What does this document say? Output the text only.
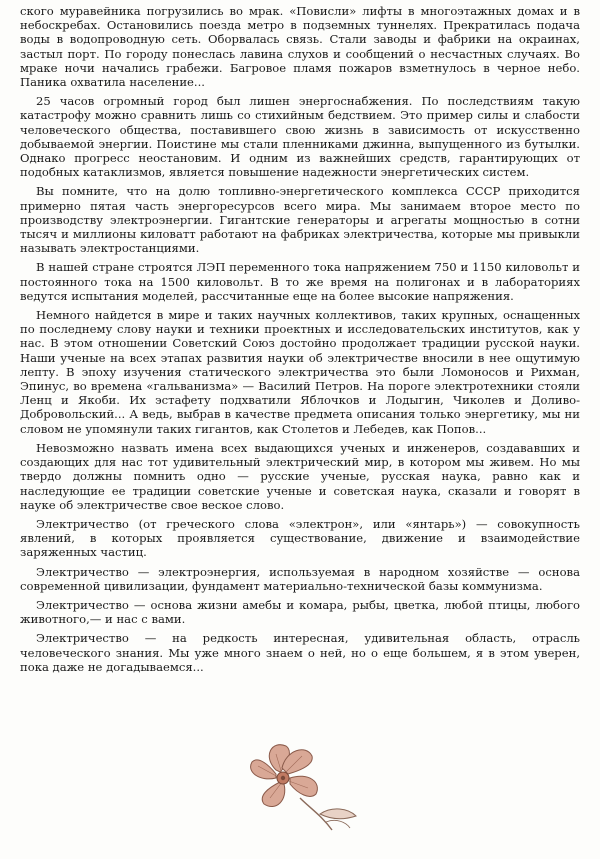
ского муравейника погрузились во мрак. «Повисли» лифты в многоэтажных домах и в небоскребах. Остановились поезда метро в подземных туннелях. Прекратилась подача воды в водопроводную сеть. Оборвалась связь. Стали заводы и фабрики на окраинах, застыл порт. По городу понеслась лавина слухов и сообщений о несчастных случаях. Во мраке ночи начались грабежи. Багровое пламя пожаров взметнулось в черное небо. Паника охватила население...

25 часов огромный город был лишен энергоснабжения. По последствиям такую катастрофу можно сравнить лишь со стихийным бедствием. Это пример силы и слабости человеческого общества, поставившего свою жизнь в зависимость от искусственно добываемой энергии. Поистине мы стали пленниками джинна, выпущенного из бутылки. Однако прогресс неостановим. И одним из важнейших средств, гарантирующих от подобных катаклизмов, является повышение надежности энергетических систем.

Вы помните, что на долю топливно-энергетического комплекса СССР приходится примерно пятая часть энергоресурсов всего мира. Мы занимаем второе место по производству электроэнергии. Гигантские генераторы и агрегаты мощностью в сотни тысяч и миллионы киловатт работают на фабриках электричества, которые мы привыкли называть электростанциями.

В нашей стране строятся ЛЭП переменного тока напряжением 750 и 1150 киловольт и постоянного тока на 1500 киловольт. В то же время на полигонах и в лабораториях ведутся испытания моделей, рассчитанные еще на более высокие напряжения.

Немного найдется в мире и таких научных коллективов, таких крупных, оснащенных по последнему слову науки и техники проектных и исследовательских институтов, как у нас. В этом отношении Советский Союз достойно продолжает традиции русской науки. Наши ученые на всех этапах развития науки об электричестве вносили в нее ощутимую лепту. В эпоху изучения статического электричества это были Ломоносов и Рихман, Эпинус, во времена «гальванизма» — Василий Петров. На пороге электротехники стояли Ленц и Якоби. Их эстафету подхватили Яблочков и Лодыгин, Чиколев и Доливо-Добровольский... А ведь, выбрав в качестве предмета описания только энергетику, мы ни словом не упомянули таких гигантов, как Столетов и Лебедев, как Попов...

Невозможно назвать имена всех выдающихся ученых и инженеров, создававших и создающих для нас тот удивительный электрический мир, в котором мы живем. Но мы твердо должны помнить одно — русские ученые, русская наука, равно как и наследующие ее традиции советские ученые и советская наука, сказали и говорят в науке об электричестве свое веское слово.

Электричество (от греческого слова «электрон», или «янтарь») — совокупность явлений, в которых проявляется существование, движение и взаимодействие заряженных частиц.

Электричество — электроэнергия, используемая в народном хозяйстве — основа современной цивилизации, фундамент материально-технической базы коммунизма.

Электричество — основа жизни амебы и комара, рыбы, цветка, любой птицы, любого животного,— и нас с вами.

Электричество — на редкость интересная, удивительная область, отрасль человеческого знания. Мы уже много знаем о ней, но о еще большем, я в этом уверен, пока даже не догадываемся...
